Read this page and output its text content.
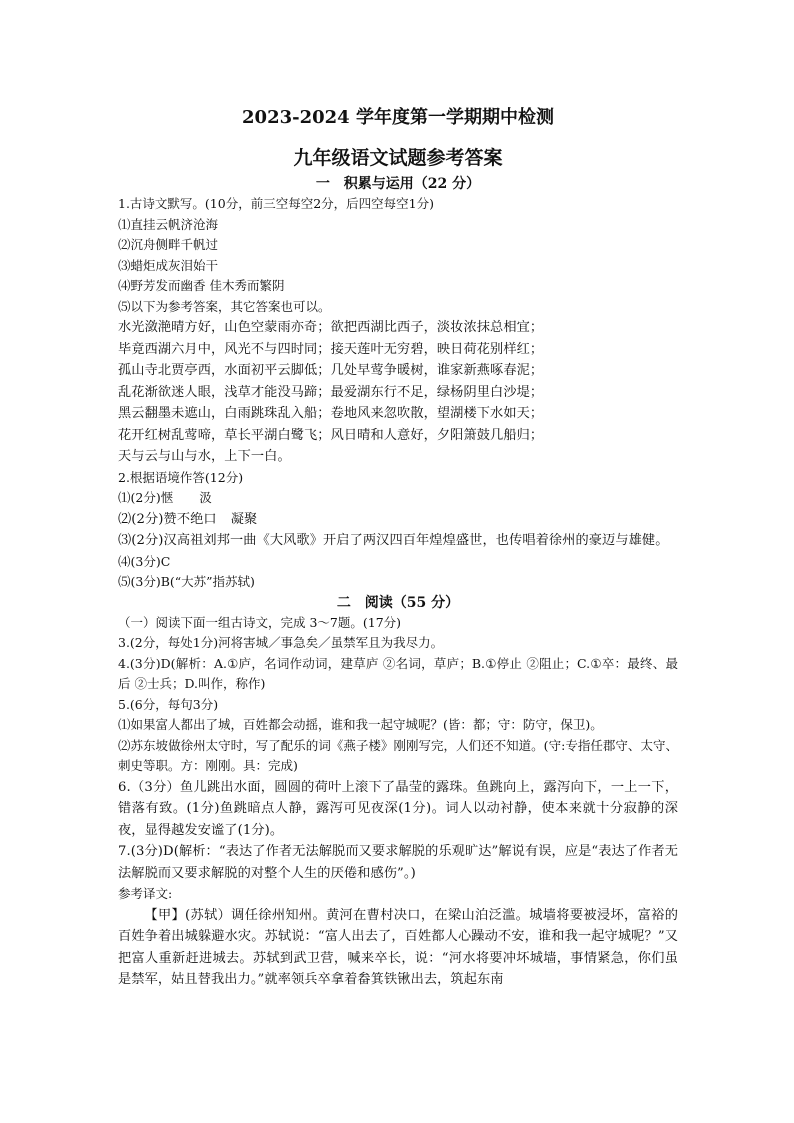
2023-2024 学年度第一学期期中检测

九年级语文试题参考答案

一　积累与运用（22 分）

1.古诗文默写。(10分，前三空每空2分，后四空每空1分)

⑴直挂云帆济沧海

⑵沉舟侧畔千帆过

⑶蜡炬成灰泪始干

⑷野芳发而幽香 佳木秀而繁阴

⑸以下为参考答案，其它答案也可以。

水光潋滟晴方好，山色空蒙雨亦奇；欲把西湖比西子，淡妆浓抹总相宜；

毕竟西湖六月中，风光不与四时同；接天莲叶无穷碧，映日荷花别样红；

孤山寺北贾亭西，水面初平云脚低；几处早莺争暖树，谁家新燕啄春泥；

乱花渐欲迷人眼，浅草才能没马蹄；最爱湖东行不足，绿杨阴里白沙堤；

黑云翻墨未遮山，白雨跳珠乱入船；卷地风来忽吹散，望湖楼下水如天；

花开红树乱莺啼，草长平湖白鹭飞；风日晴和人意好，夕阳箫鼓几船归；

天与云与山与水，上下一白。

2.根据语境作答(12分)

⑴(2分)惬 汲

⑵(2分)赞不绝口 凝聚

⑶(2分)汉高祖刘邦一曲《大风歌》开启了两汉四百年煌煌盛世，也传唱着徐州的豪迈与雄健。

⑷(3分)C

⑸(3分)B(“大苏”指苏轼)

二　阅读（55 分）

（一）阅读下面一组古诗文，完成 3～7题。(17分)

3.(2分，每处1分)河将害城／事急矣／虽禁军且为我尽力。

4.(3分)D(解析：A.①庐，名词作动词，建草庐 ②名词，草庐；B.①停止 ②阻止；C.①卒：最终、最后 ②士兵；D.叫作，称作)

5.(6分，每句3分)

⑴如果富人都出了城，百姓都会动摇，谁和我一起守城呢？(皆：都；守：防守，保卫)。

⑵苏东坡做徐州太守时，写了配乐的词《燕子楼》刚刚写完，人们还不知道。(守:专指任郡守、太守、刺史等职。方：刚刚。具：完成)

6.（3分）鱼儿跳出水面，圆圆的荷叶上滚下了晶莹的露珠。鱼跳向上，露泻向下，一上一下，错落有致。(1分)鱼跳暗点人静，露泻可见夜深(1分)。词人以动衬静，使本来就十分寂静的深夜，显得越发安谧了(1分)。

7.(3分)D(解析：“表达了作者无法解脱而又要求解脱的乐观旷达”解说有误，应是“表达了作者无法解脱而又要求解脱的对整个人生的厌倦和感伤”。)

参考译文:

【甲】(苏轼）调任徐州知州。黄河在曹村决口，在梁山泊泛滥。城墙将要被浸坏，富裕的百姓争着出城躲避水灾。苏轼说：“富人出去了，百姓都人心躁动不安，谁和我一起守城呢？”又把富人重新赶进城去。苏轼到武卫营，喊来卒长，说：“河水将要冲坏城墙，事情紧急，你们虽是禁军，姑且替我出力。”就率领兵卒拿着畚箕铁锹出去，筑起东南
